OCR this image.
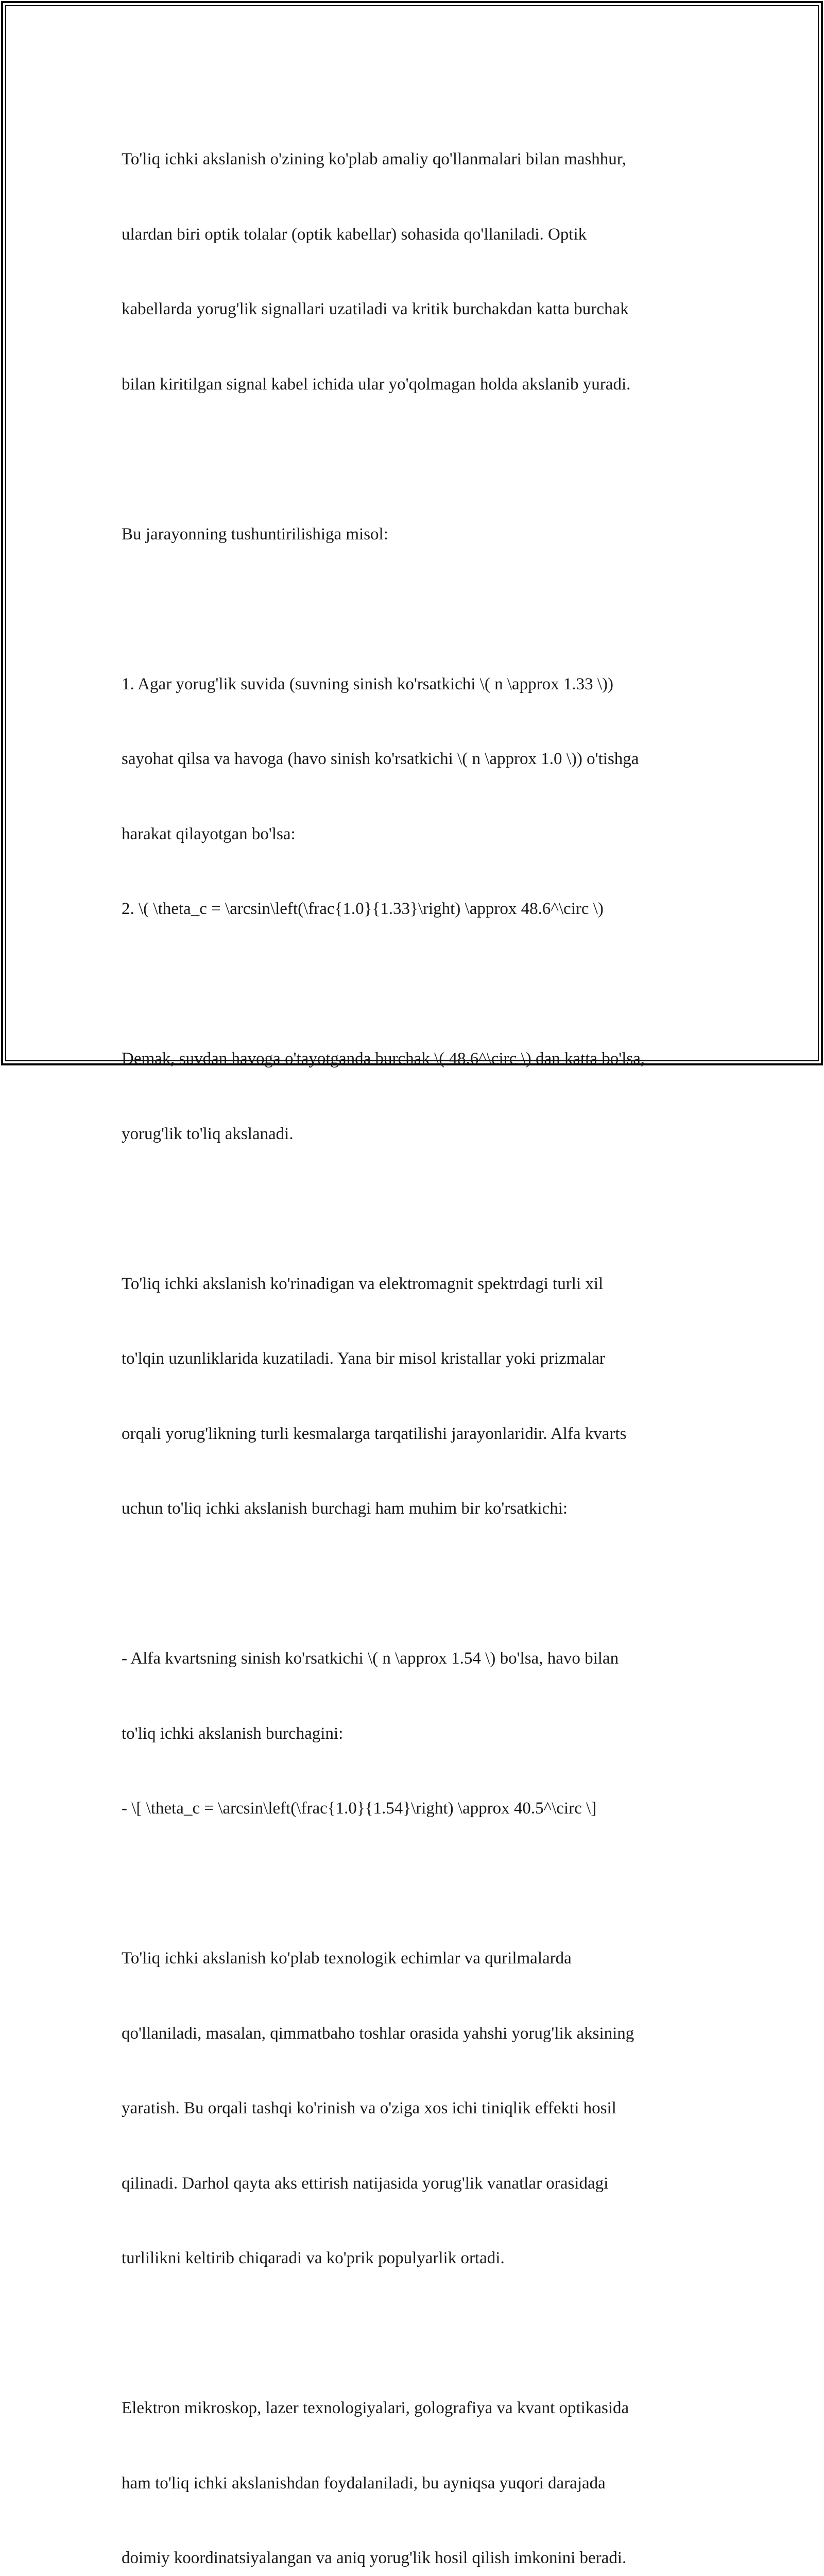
To'liq ichki akslanish o'zining ko'plab amaliy qo'llanmalari bilan mashhur,

ulardan biri optik tolalar (optik kabellar) sohasida qo'llaniladi. Optik

kabellarda yorug'lik signallari uzatiladi va kritik burchakdan katta burchak

bilan kiritilgan signal kabel ichida ular yo'qolmagan holda akslanib yuradi.

Bu jarayonning tushuntirilishiga misol:

1. Agar yorug'lik suvida (suvning sinish ko'rsatkichi \( n \approx 1.33 \))

sayohat qilsa va havoga (havo sinish ko'rsatkichi \( n \approx 1.0 \)) o'tishga

harakat qilayotgan bo'lsa:

2. \( \theta_c = \arcsin\left(\frac{1.0}{1.33}\right) \approx 48.6^\circ \)

Demak, suvdan havoga o'tayotganda burchak \( 48.6^\circ \) dan katta bo'lsa,

yorug'lik to'liq akslanadi.

To'liq ichki akslanish ko'rinadigan va elektromagnit spektrdagi turli xil

to'lqin uzunliklarida kuzatiladi. Yana bir misol kristallar yoki prizmalar

orqali yorug'likning turli kesmalarga tarqatilishi jarayonlaridir. Alfa kvarts

uchun to'liq ichki akslanish burchagi ham muhim bir ko'rsatkichi:

- Alfa kvartsning sinish ko'rsatkichi \( n \approx 1.54 \) bo'lsa, havo bilan

to'liq ichki akslanish burchagini:

- \[ \theta_c = \arcsin\left(\frac{1.0}{1.54}\right) \approx 40.5^\circ \]

To'liq ichki akslanish ko'plab texnologik echimlar va qurilmalarda

qo'llaniladi, masalan, qimmatbaho toshlar orasida yahshi yorug'lik aksining

yaratish. Bu orqali tashqi ko'rinish va o'ziga xos ichi tiniqlik effekti hosil

qilinadi. Darhol qayta aks ettirish natijasida yorug'lik vanatlar orasidagi

turlilikni keltirib chiqaradi va ko'prik populyarlik ortadi.

Elektron mikroskop, lazer texnologiyalari, golografiya va kvant optikasida

ham to'liq ichki akslanishdan foydalaniladi, bu ayniqsa yuqori darajada

doimiy koordinatsiyalangan va aniq yorug'lik hosil qilish imkonini beradi.
